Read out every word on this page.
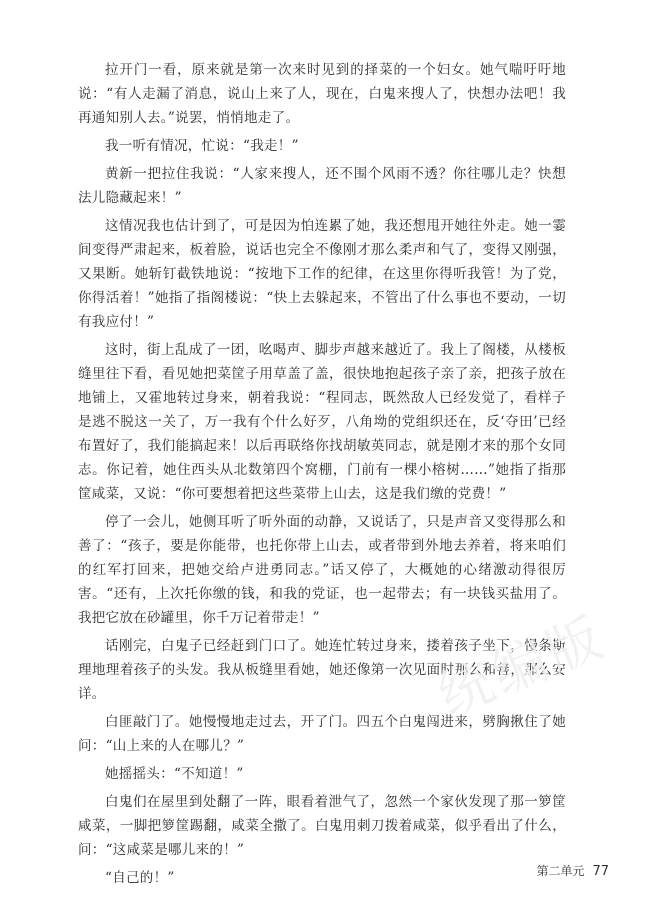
拉开门一看，原来就是第一次来时见到的择菜的一个妇女。她气喘吁吁地说：“有人走漏了消息，说山上来了人，现在，白鬼来搜人了，快想办法吧！我再通知别人去。”说罢，悄悄地走了。

我一听有情况，忙说：“我走！”

黄新一把拉住我说：“人家来搜人，还不围个风雨不透？你往哪儿走？快想法儿隐藏起来！”

这情况我也估计到了，可是因为怕连累了她，我还想甩开她往外走。她一霎间变得严肃起来，板着脸，说话也完全不像刚才那么柔声和气了，变得又刚强，又果断。她斩钉截铁地说：“按地下工作的纪律，在这里你得听我管！为了党，你得活着！”她指了指阁楼说：“快上去躲起来，不管出了什么事也不要动，一切有我应付！”

这时，街上乱成了一团，吆喝声、脚步声越来越近了。我上了阁楼，从楼板缝里往下看，看见她把菜筐子用草盖了盖，很快地抱起孩子亲了亲，把孩子放在地铺上，又霍地转过身来，朝着我说：“程同志，既然敌人已经发觉了，看样子是逃不脱这一关了，万一我有个什么好歹，八角坳的党组织还在，反‘夺田’已经布置好了，我们能搞起来！以后再联络你找胡敏英同志，就是刚才来的那个女同志。你记着，她住西头从北数第四个窝棚，门前有一棵小榕树……”她指了指那筐咸菜，又说：“你可要想着把这些菜带上山去，这是我们缴的党费！”

停了一会儿，她侧耳听了听外面的动静，又说话了，只是声音又变得那么和善了：“孩子，要是你能带，也托你带上山去，或者带到外地去养着，将来咱们的红军打回来，把她交给卢进勇同志。”话又停了，大概她的心绪激动得很厉害。“还有，上次托你缴的钱，和我的党证，也一起带去；有一块钱买盐用了。我把它放在砂罐里，你千万记着带走！”

话刚完，白鬼子已经赶到门口了。她连忙转过身来，搂着孩子坐下，慢条斯理地理着孩子的头发。我从板缝里看她，她还像第一次见面时那么和善，那么安详。

白匪敲门了。她慢慢地走过去，开了门。四五个白鬼闯进来，劈胸揪住了她问：“山上来的人在哪儿？”

她摇摇头：“不知道！”

白鬼们在屋里到处翻了一阵，眼看着泄气了，忽然一个家伙发现了那一箩筐咸菜，一脚把箩筐踢翻，咸菜全撒了。白鬼用刺刀拨着咸菜，似乎看出了什么，问：“这咸菜是哪儿来的！”

“自己的！”

统编版
第二单元 77
